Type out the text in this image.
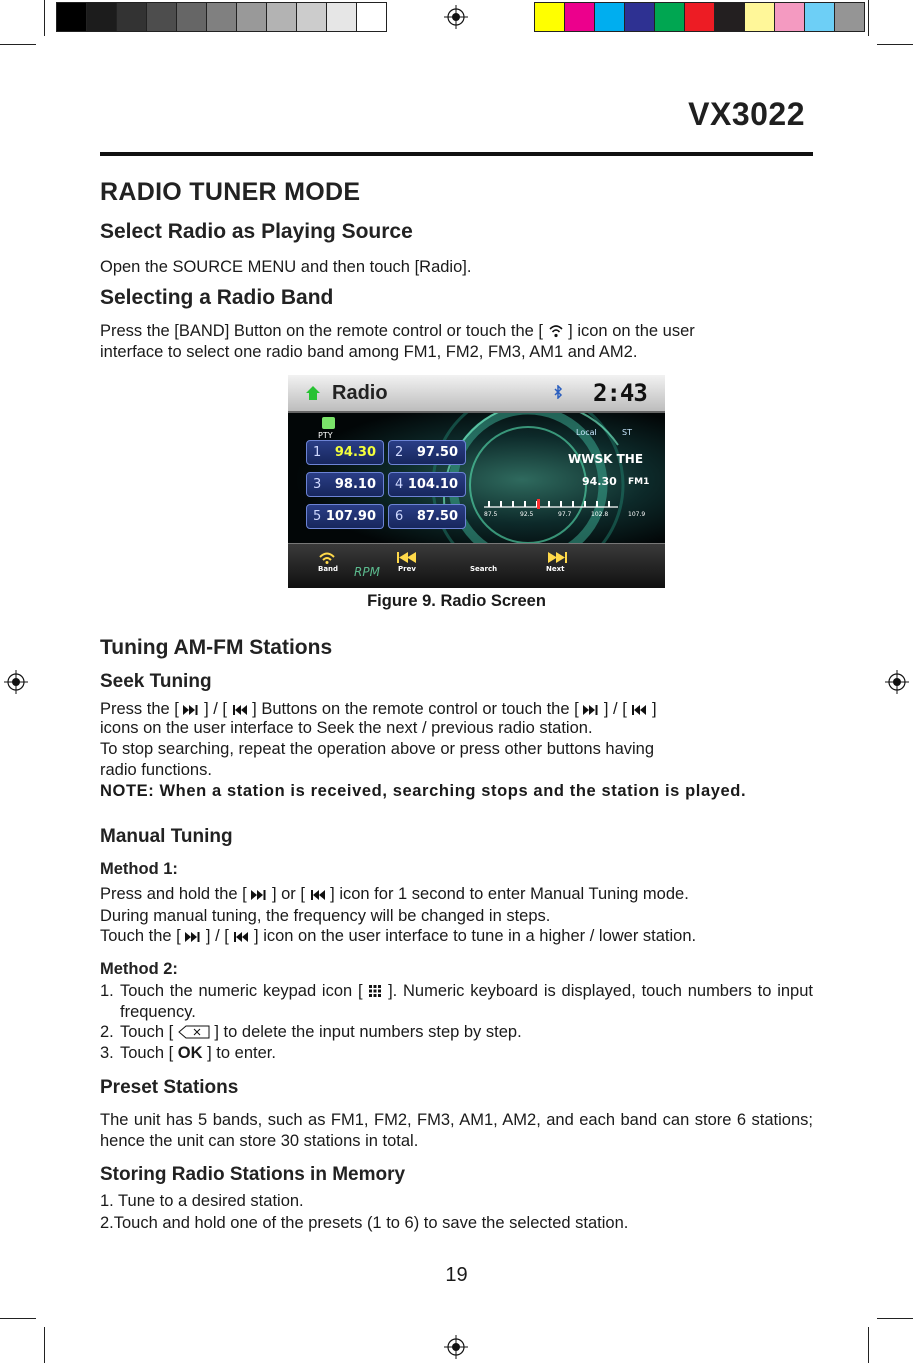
VX3022
RADIO TUNER MODE
Select Radio as Playing Source
Open the SOURCE MENU and then touch [Radio].
Selecting a Radio Band
Press the [BAND] Button on the remote control or touch the [ ] icon on the user
interface to select one radio band among FM1, FM2, FM3, AM1 and AM2.
Radio	2:43
PTY	Local	ST
WWSK THE
94.30 FM1
1 94.30 2 97.50
3 98.10 4 104.10
5 107.90 6 87.50	87.5	92.5	97.7	102.8	107.9
Band	Prev	Search	Next
RPM
Figure 9. Radio Screen
Tuning AM-FM Stations
Seek Tuning
Press the [ ] / [ ] Buttons on the remote control or touch the [ ] / [ ]
icons on the user interface to Seek the next / previous radio station.
To stop searching, repeat the operation above or press other buttons having
radio functions.
NOTE: When a station is received, searching stops and the station is played.
Manual Tuning
Method 1:
Press and hold the [ ] or [ ] icon for 1 second to enter Manual Tuning mode.
During manual tuning, the frequency will be changed in steps.
Touch the [ ] / [ ] icon on the user interface to tune in a higher / lower station.
Method 2:
1. Touch the numeric keypad icon [ ]. Numeric keyboard is displayed, touch numbers to input frequency.
2. Touch [ ] to delete the input numbers step by step.
3. Touch [ OK ] to enter.
Preset Stations
The unit has 5 bands, such as FM1, FM2, FM3, AM1, AM2, and each band can store 6 stations; hence the unit can store 30 stations in total.
Storing Radio Stations in Memory
1. Tune to a desired station.
2.Touch and hold one of the presets (1 to 6) to save the selected station.
19
